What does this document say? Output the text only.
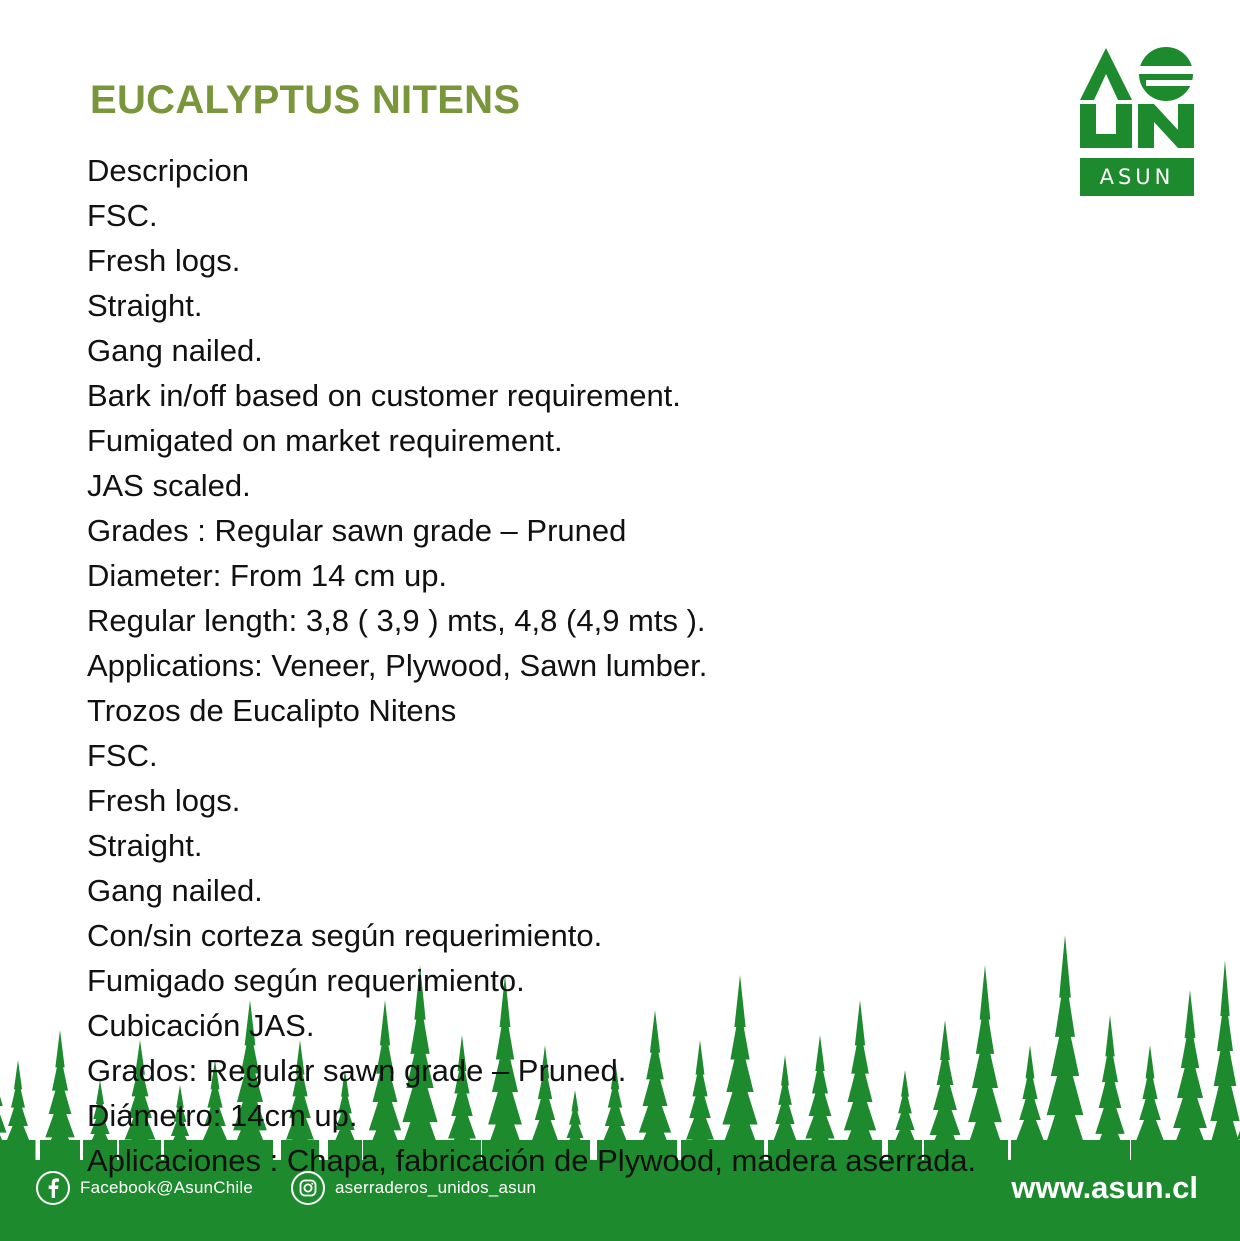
EUCALYPTUS NITENS
Descripcion
FSC.
Fresh logs.
Straight.
Gang nailed.
Bark in/off based on customer requirement.
Fumigated on market requirement.
JAS scaled.
Grades : Regular sawn grade – Pruned
Diameter: From 14 cm up.
Regular length: 3,8 ( 3,9 ) mts, 4,8 (4,9 mts ).
Applications: Veneer, Plywood, Sawn lumber.
Trozos de Eucalipto Nitens
FSC.
Fresh logs.
Straight.
Gang nailed.
Con/sin corteza según requerimiento.
Fumigado según requerimiento.
Cubicación JAS.
Grados: Regular sawn grade – Pruned.
Diámetro: 14cm up.
Aplicaciones : Chapa, fabricación de Plywood, madera aserrada.
ASUN
Facebook@AsunChile	aserraderos_unidos_asun	www.asun.cl
